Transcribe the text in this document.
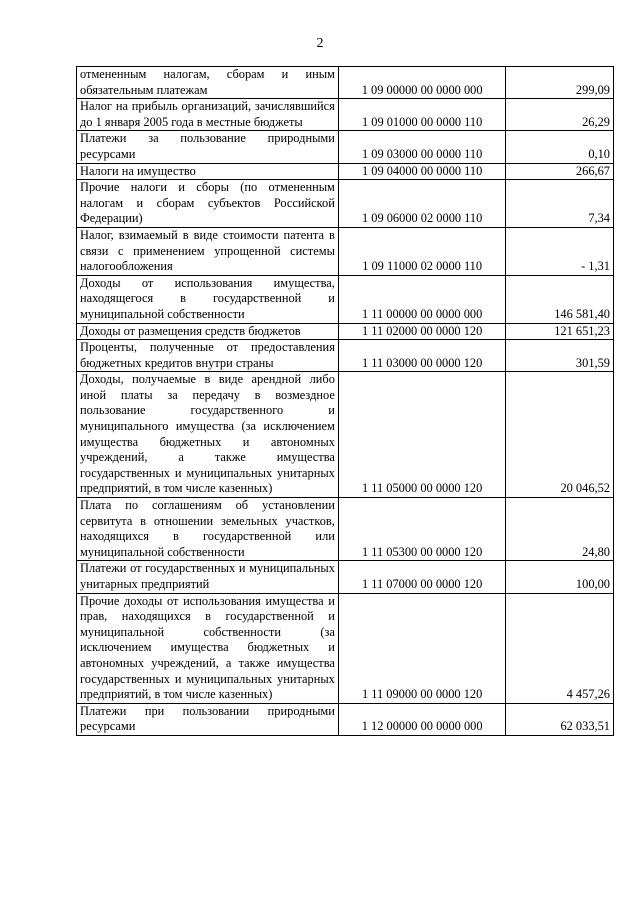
2
отмененным налогам, сборам и иным обязательным платежам	1 09 00000 00 0000 000	299,09
Налог на прибыль организаций, зачислявшийся до 1 января 2005 года в местные бюджеты	1 09 01000 00 0000 110	26,29
Платежи за пользование природными ресурсами	1 09 03000 00 0000 110	0,10
Налоги на имущество	1 09 04000 00 0000 110	266,67
Прочие налоги и сборы (по отмененным налогам и сборам субъектов Российской Федерации)	1 09 06000 02 0000 110	7,34
Налог, взимаемый в виде стоимости патента в связи с применением упрощенной системы налогообложения	1 09 11000 02 0000 110	- 1,31
Доходы от использования имущества, находящегося в государственной и муниципальной собственности	1 11 00000 00 0000 000	146 581,40
Доходы от размещения средств бюджетов	1 11 02000 00 0000 120	121 651,23
Проценты, полученные от предоставления бюджетных кредитов внутри страны	1 11 03000 00 0000 120	301,59
Доходы, получаемые в виде арендной либо иной платы за передачу в возмездное пользование государственного и муниципального имущества (за исключением имущества бюджетных и автономных учреждений, а также имущества государственных и муниципальных унитарных предприятий, в том числе казенных)	1 11 05000 00 0000 120	20 046,52
Плата по соглашениям об установлении сервитута в отношении земельных участков, находящихся в государственной или муниципальной собственности	1 11 05300 00 0000 120	24,80
Платежи от государственных и муниципальных унитарных предприятий	1 11 07000 00 0000 120	100,00
Прочие доходы от использования имущества и прав, находящихся в государственной и муниципальной собственности (за исключением имущества бюджетных и автономных учреждений, а также имущества государственных и муниципальных унитарных предприятий, в том числе казенных)	1 11 09000 00 0000 120	4 457,26
Платежи при пользовании природными ресурсами	1 12 00000 00 0000 000	62 033,51
